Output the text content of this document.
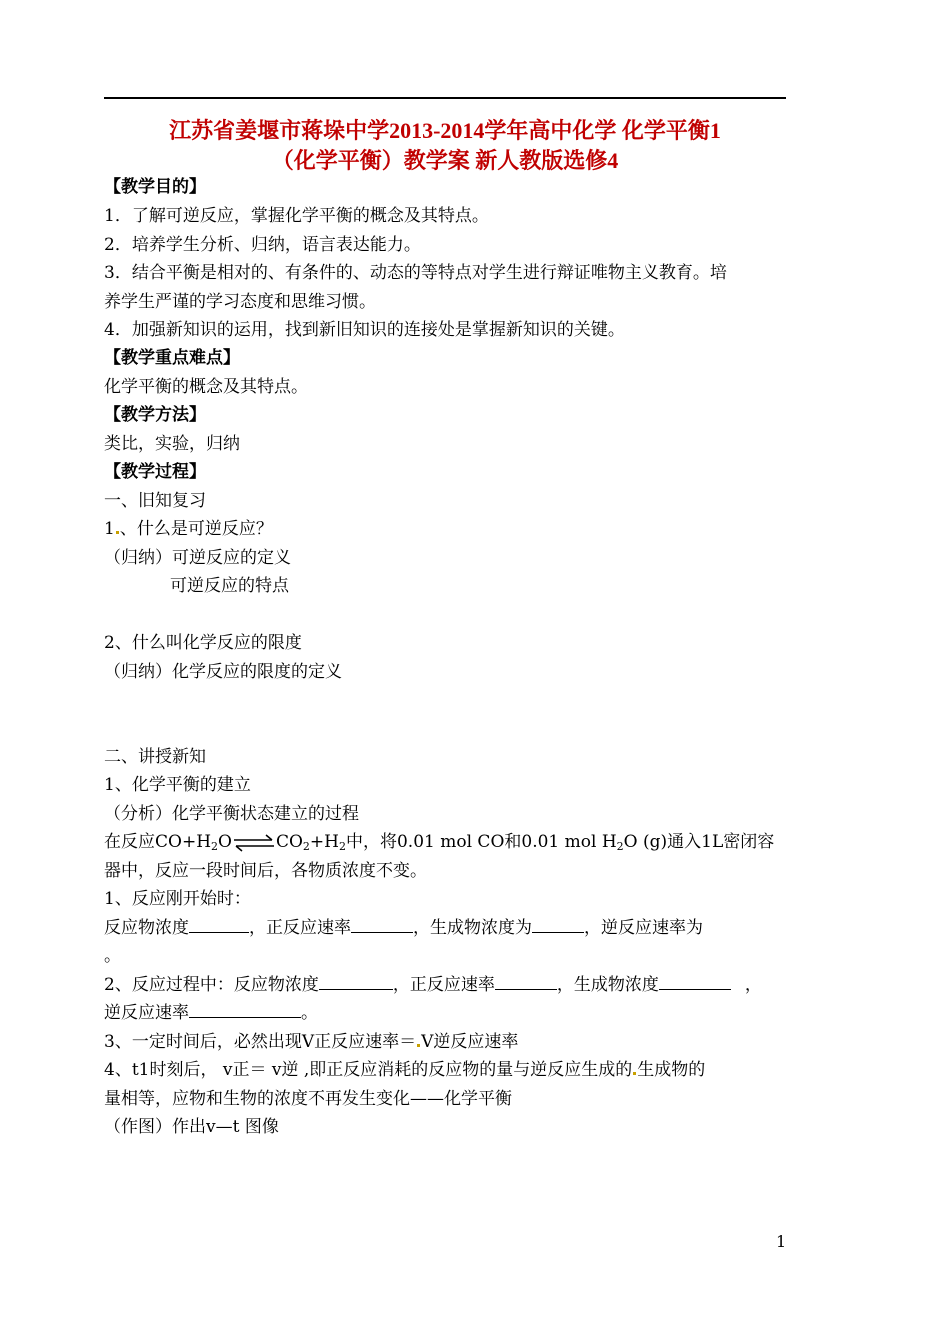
江苏省姜堰市蒋垛中学2013-2014学年高中化学 化学平衡1
（化学平衡）教学案 新人教版选修4
【教学目的】
1．了解可逆反应，掌握化学平衡的概念及其特点。
2．培养学生分析、归纳，语言表达能力。
3．结合平衡是相对的、有条件的、动态的等特点对学生进行辩证唯物主义教育。培
养学生严谨的学习态度和思维习惯。
4．加强新知识的运用，找到新旧知识的连接处是掌握新知识的关键。
【教学重点难点】
化学平衡的概念及其特点。
【教学方法】
类比，实验，归纳
【教学过程】
一、旧知复习
1 、什么是可逆反应？
（归纳）可逆反应的定义
可逆反应的特点
2、什么叫化学反应的限度
（归纳）化学反应的限度的定义
二、讲授新知
1、化学平衡的建立
（分析）化学平衡状态建立的过程
在反应$CO+H_2O\rightleftharpoons CO_2+H_2$中，将0.01 mol CO和0.01 mol $H_2O$ (g)通入1L密闭容
器中，反应一段时间后，各物质浓度不变。
1、反应刚开始时：
反应物浓度	，正反应速率	，生成物浓度为	，逆反应速率为
。
2、反应过程中：反应物浓度	，正反应速率	，生成物浓度	，
逆反应速率	。
3、一定时间后，必然出现Ⅴ正反应速率＝ Ⅴ逆反应速率
4、t1时刻后， v正＝ v逆 ,即正反应消耗的反应物的量与逆反应生成的 生成物的
量相等，应物和生物的浓度不再发生变化——化学平衡
（作图）作出v—t 图像
1
